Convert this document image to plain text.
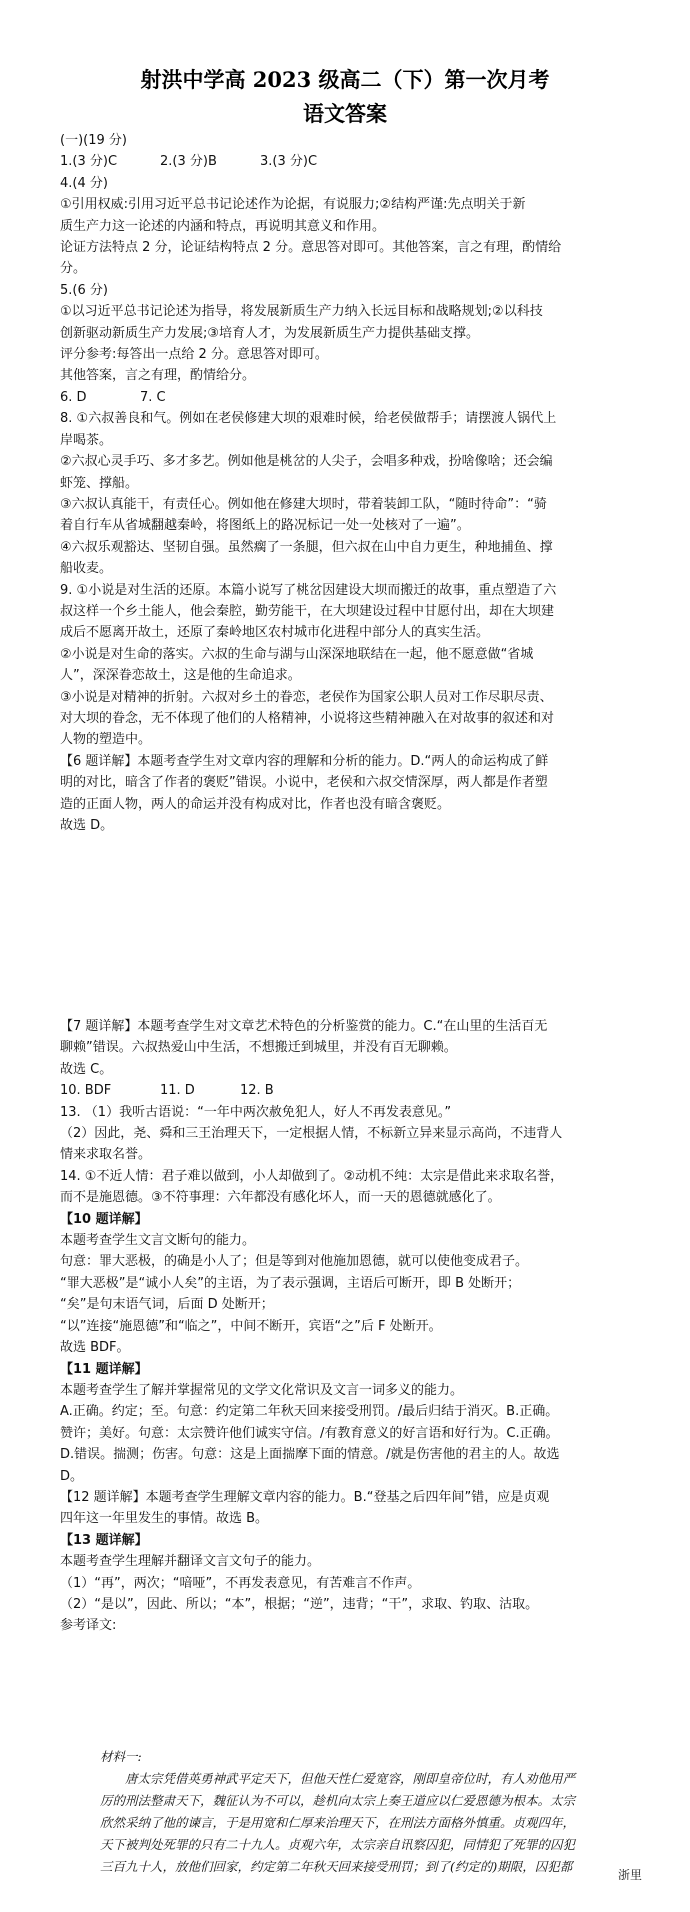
射洪中学高 2023 级高二（下）第一次月考
语文答案

(一)(19 分)

1.(3 分)C	2.(3 分)B	3.(3 分)C

4.(4 分)

①引用权威:引用习近平总书记论述作为论据，有说服力;②结构严谨:先点明关于新

质生产力这一论述的内涵和特点，再说明其意义和作用。

论证方法特点 2 分，论证结构特点 2 分。意思答对即可。其他答案，言之有理，酌情给

分。

5.(6 分)

①以习近平总书记论述为指导，将发展新质生产力纳入长远目标和战略规划;②以科技

创新驱动新质生产力发展;③培育人才，为发展新质生产力提供基础支撑。

评分参考:每答出一点给 2 分。意思答对即可。

其他答案，言之有理，酌情给分。

6. D	7. C

8. ①六叔善良和气。例如在老侯修建大坝的艰难时候，给老侯做帮手；请摆渡人锅代上

岸喝茶。

②六叔心灵手巧、多才多艺。例如他是桃岔的人尖子，会唱多种戏，扮啥像啥；还会编

虾笼、撑船。

③六叔认真能干，有责任心。例如他在修建大坝时，带着装卸工队，“随时待命”：“骑

着自行车从省城翻越秦岭，将图纸上的路况标记一处一处核对了一遍”。

④六叔乐观豁达、坚韧自强。虽然瘸了一条腿，但六叔在山中自力更生，种地捕鱼、撑

船收麦。

9. ①小说是对生活的还原。本篇小说写了桃岔因建设大坝而搬迁的故事，重点塑造了六

叔这样一个乡土能人，他会秦腔，勤劳能干，在大坝建设过程中甘愿付出，却在大坝建

成后不愿离开故土，还原了秦岭地区农村城市化进程中部分人的真实生活。

②小说是对生命的落实。六叔的生命与湖与山深深地联结在一起，他不愿意做“省城

人”，深深眷恋故土，这是他的生命追求。

③小说是对精神的折射。六叔对乡土的眷恋，老侯作为国家公职人员对工作尽职尽责、

对大坝的眷念，无不体现了他们的人格精神，小说将这些精神融入在对故事的叙述和对

人物的塑造中。

【6 题详解】本题考查学生对文章内容的理解和分析的能力。D.“两人的命运构成了鲜

明的对比，暗含了作者的褒贬”错误。小说中，老侯和六叔交情深厚，两人都是作者塑

造的正面人物，两人的命运并没有构成对比，作者也没有暗含褒贬。

故选 D。

【7 题详解】本题考查学生对文章艺术特色的分析鉴赏的能力。C.“在山里的生活百无

聊赖”错误。六叔热爱山中生活，不想搬迁到城里，并没有百无聊赖。

故选 C。

10. BDF	11. D	12. B

13. （1）我听古语说：“一年中两次赦免犯人，好人不再发表意见。”

（2）因此，尧、舜和三王治理天下，一定根据人情，不标新立异来显示高尚，不违背人

情来求取名誉。

14. ①不近人情：君子难以做到，小人却做到了。②动机不纯：太宗是借此来求取名誉，

而不是施恩德。③不符事理：六年都没有感化坏人，而一天的恩德就感化了。

【10 题详解】

本题考查学生文言文断句的能力。

句意：罪大恶极，的确是小人了；但是等到对他施加恩德，就可以使他变成君子。

“罪大恶极”是“诚小人矣”的主语，为了表示强调，主语后可断开，即 B 处断开；

“矣”是句末语气词，后面 D 处断开；

“以”连接“施恩德”和“临之”，中间不断开，宾语“之”后 F 处断开。

故选 BDF。

【11 题详解】

本题考查学生了解并掌握常见的文学文化常识及文言一词多义的能力。

A.正确。约定；至。句意：约定第二年秋天回来接受刑罚。/最后归结于消灭。B.正确。

赞许；美好。句意：太宗赞许他们诚实守信。/有教育意义的好言语和好行为。C.正确。

D.错误。揣测；伤害。句意：这是上面揣摩下面的情意。/就是伤害他的君主的人。故选

D。

【12 题详解】本题考查学生理解文章内容的能力。B.“登基之后四年间”错，应是贞观

四年这一年里发生的事情。故选 B。

【13 题详解】

本题考查学生理解并翻译文言文句子的能力。

（1）“再”，两次；“喑哑”，不再发表意见，有苦难言不作声。

（2）“是以”，因此、所以；“本”，根据；“逆”，违背；“干”，求取、钓取、沽取。

参考译文:

材料一:

唐太宗凭借英勇神武平定天下，但他天性仁爱宽容，刚即皇帝位时，有人劝他用严

厉的刑法整肃天下，魏征认为不可以，趁机向太宗上奏王道应以仁爱恩德为根本。太宗

欣然采纳了他的谏言，于是用宽和仁厚来治理天下，在刑法方面格外慎重。贞观四年，

天下被判处死罪的只有二十九人。贞观六年，太宗亲自讯察囚犯，同情犯了死罪的囚犯

三百九十人，放他们回家，约定第二年秋天回来接受刑罚；到了(约定的)期限，囚犯都

浙里
